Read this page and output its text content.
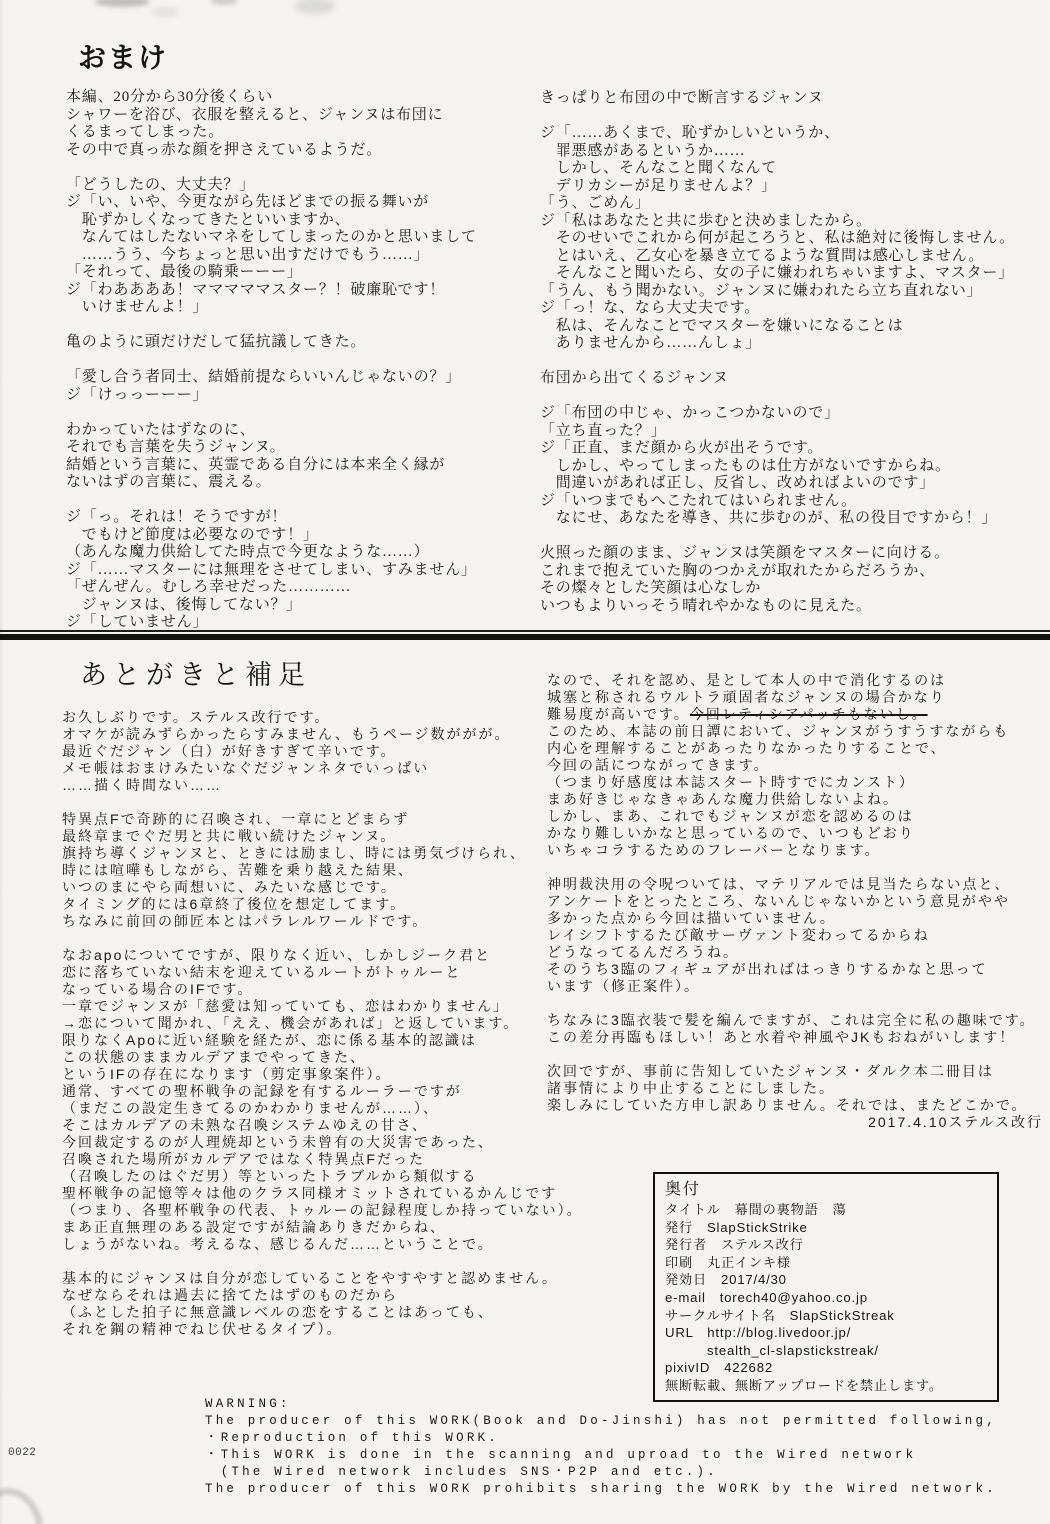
おまけ
本編、20分から30分後くらい
シャワーを浴び、衣服を整えると、ジャンヌは布団に
くるまってしまった。
その中で真っ赤な顔を押さえているようだ。

「どうしたの、大丈夫？」
ジ「い、いや、今更ながら先ほどまでの振る舞いが
　恥ずかしくなってきたといいますか、
　なんてはしたないマネをしてしまったのかと思いまして
　……うう、今ちょっと思い出すだけでもう……」
「それって、最後の騎乗ーーー」
ジ「わああああ！マママママスター？！破廉恥です！
　いけませんよ！」

亀のように頭だけだして猛抗議してきた。

「愛し合う者同士、結婚前提ならいいんじゃないの？」
ジ「けっっーーー」

わかっていたはずなのに、
それでも言葉を失うジャンヌ。
結婚という言葉に、英霊である自分には本来全く縁が
ないはずの言葉に、震える。

ジ「っ。それは！そうですが！
　でもけど節度は必要なのです！」
（あんな魔力供給してた時点で今更なような……）
ジ「……マスターには無理をさせてしまい、すみません」
「ぜんぜん。むしろ幸せだった…………
　ジャンヌは、後悔してない？」
ジ「していません」
きっぱりと布団の中で断言するジャンヌ

ジ「……あくまで、恥ずかしいというか、
　罪悪感があるというか……
　しかし、そんなこと聞くなんて
　デリカシーが足りませんよ？」
「う、ごめん」
ジ「私はあなたと共に歩むと決めましたから。
　そのせいでこれから何が起ころうと、私は絶対に後悔しません。
　とはいえ、乙女心を暴き立てるような質問は感心しません。
　そんなこと聞いたら、女の子に嫌われちゃいますよ、マスター」
「うん、もう聞かない。ジャンヌに嫌われたら立ち直れない」
ジ「っ！な、なら大丈夫です。
　私は、そんなことでマスターを嫌いになることは
　ありませんから……んしょ」

布団から出てくるジャンヌ

ジ「布団の中じゃ、かっこつかないので」
「立ち直った？」
ジ「正直、まだ顔から火が出そうです。
　しかし、やってしまったものは仕方がないですからね。
　間違いがあれば正し、反省し、改めればよいのです」
ジ「いつまでもへこたれてはいられません。
　なにせ、あなたを導き、共に歩むのが、私の役目ですから！」

火照った顔のまま、ジャンヌは笑顔をマスターに向ける。
これまで抱えていた胸のつかえが取れたからだろうか、
その燦々とした笑顔は心なしか
いつもよりいっそう晴れやかなものに見えた。
あとがきと補足
お久しぶりです。ステルス改行です。
オマケが読みずらかったらすみません、もうページ数ががが。
最近ぐだジャン（白）が好きすぎて辛いです。
メモ帳はおまけみたいなぐだジャンネタでいっぱい
……描く時間ない……

特異点Fで奇跡的に召喚され、一章にとどまらず
最終章までぐだ男と共に戦い続けたジャンヌ。
旗持ち導くジャンヌと、ときには励まし、時には勇気づけられ、
時には喧嘩もしながら、苦難を乗り越えた結果、
いつのまにやら両想いに、みたいな感じです。
タイミング的には6章終了後位を想定してます。
ちなみに前回の師匠本とはパラレルワールドです。

なおapoについてですが、限りなく近い、しかしジーク君と
恋に落ちていない結末を迎えているルートがトゥルーと
なっている場合のIFです。
一章でジャンヌが「慈愛は知っていても、恋はわかりません」
→恋について聞かれ、「ええ、機会があれば」と返しています。
限りなくApoに近い経験を経たが、恋に係る基本的認識は
この状態のままカルデアまでやってきた、
というIFの存在になります（剪定事象案件）。
通常、すべての聖杯戦争の記録を有するルーラーですが
（まだこの設定生きてるのかわかりませんが……）、
そこはカルデアの未熟な召喚システムゆえの甘さ、
今回裁定するのが人理焼却という未曾有の大災害であった、
召喚された場所がカルデアではなく特異点Fだった
（召喚したのはぐだ男）等といったトラブルから類似する
聖杯戦争の記憶等々は他のクラス同様オミットされているかんじです
（つまり、各聖杯戦争の代表、トゥルーの記録程度しか持っていない）。
まあ正直無理のある設定ですが結論ありきだからね、
しょうがないね。考えるな、感じるんだ……ということで。

基本的にジャンヌは自分が恋していることをやすやすと認めません。
なぜならそれは過去に捨てたはずのものだから
（ふとした拍子に無意識レベルの恋をすることはあっても、
それを鋼の精神でねじ伏せるタイプ）。
なので、それを認め、是として本人の中で消化するのは
城塞と称されるウルトラ頑固者なジャンヌの場合かなり
難易度が高いです。今回レティシアパッチもないし。
このため、本誌の前日譚において、ジャンヌがうすうすながらも
内心を理解することがあったりなかったりすることで、
今回の話につながってきます。
（つまり好感度は本誌スタート時すでにカンスト）
まあ好きじゃなきゃあんな魔力供給しないよね。
しかし、まあ、これでもジャンヌが恋を認めるのは
かなり難しいかなと思っているので、いつもどおり
いちゃコラするためのフレーバーとなります。

神明裁決用の令呪ついては、マテリアルでは見当たらない点と、
アンケートをとったところ、ないんじゃないかという意見がやや
多かった点から今回は描いていません。
レイシフトするたび敵サーヴァント変わってるからね
どうなってるんだろうね。
そのうち3臨のフィギュアが出ればはっきりするかなと思って
います（修正案件）。

ちなみに3臨衣装で髪を編んでますが、これは完全に私の趣味です。
この差分再臨もほしい！あと水着や神風やJKもおねがいします！

次回ですが、事前に告知していたジャンヌ・ダルク本二冊目は
諸事情により中止することにしました。
楽しみにしていた方申し訳ありません。それでは、またどこかで。
2017.4.10ステルス改行
奥付
タイトル　幕間の裏物語　蕩
発行　SlapStickStrike
発行者　ステルス改行
印刷　丸正インキ様
発効日　2017/4/30
e-mail　torech40@yahoo.co.jp
サークルサイト名　SlapStickStreak
URL　http://blog.livedoor.jp/
　　　stealth_cl-slapstickstreak/
pixivID　422682
無断転載、無断アップロードを禁止します。
WARNING:
The producer of this WORK(Book and Do-Jinshi) has not permitted following,
・Reproduction of this WORK.
・This WORK is done in the scanning and uproad to the Wired network
　(The Wired network includes SNS・P2P and etc.).
The producer of this WORK prohibits sharing the WORK by the Wired network.
0022
